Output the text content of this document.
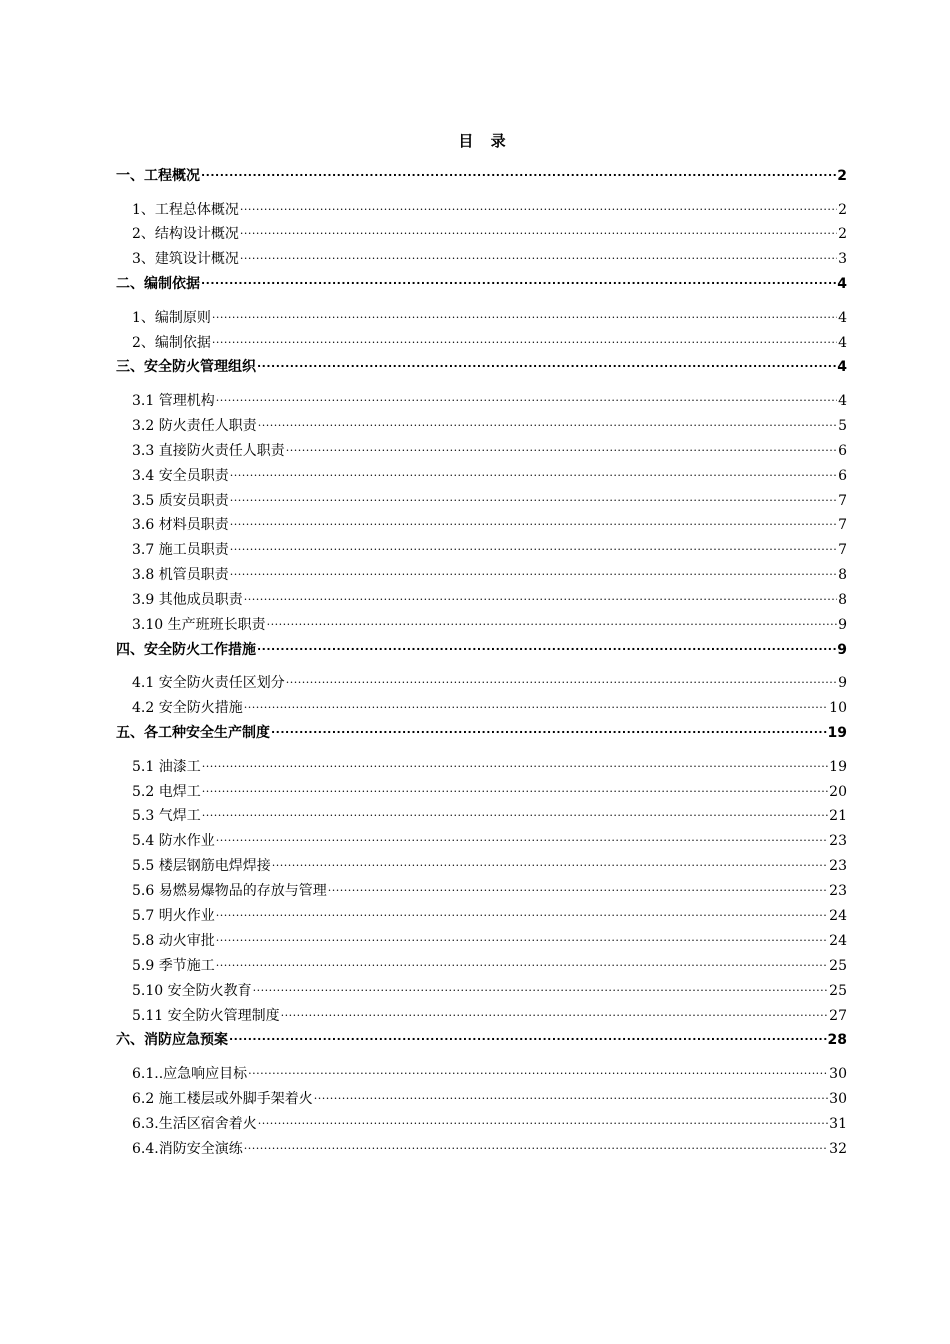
目 录
一、工程概况 .....	2
1、工程总体概况 .....	2
2、结构设计概况 .....	2
3、建筑设计概况 .....	3
二、编制依据 .....	4
1、编制原则 .....	4
2、编制依据 .....	4
三、安全防火管理组织 .....	4
3.1 管理机构 .....	4
3.2 防火责任人职责 .....	5
3.3 直接防火责任人职责 .....	6
3.4 安全员职责 .....	6
3.5 质安员职责 .....	7
3.6 材料员职责 .....	7
3.7 施工员职责 .....	7
3.8 机管员职责 .....	8
3.9 其他成员职责 .....	8
3.10 生产班班长职责 .....	9
四、安全防火工作措施 .....	9
4.1 安全防火责任区划分 .....	9
4.2 安全防火措施 .....	10
五、各工种安全生产制度 .....	19
5.1 油漆工 .....	19
5.2 电焊工 .....	20
5.3 气焊工 .....	21
5.4 防水作业 .....	23
5.5 楼层钢筋电焊焊接 .....	23
5.6 易燃易爆物品的存放与管理 .....	23
5.7 明火作业 .....	24
5.8 动火审批 .....	24
5.9 季节施工 .....	25
5.10 安全防火教育 .....	25
5.11 安全防火管理制度 .....	27
六、消防应急预案 .....	28
6.1..应急响应目标 .....	30
6.2 施工楼层或外脚手架着火 .....	30
6.3.生活区宿舍着火 .....	31
6.4.消防安全演练 .....	32
